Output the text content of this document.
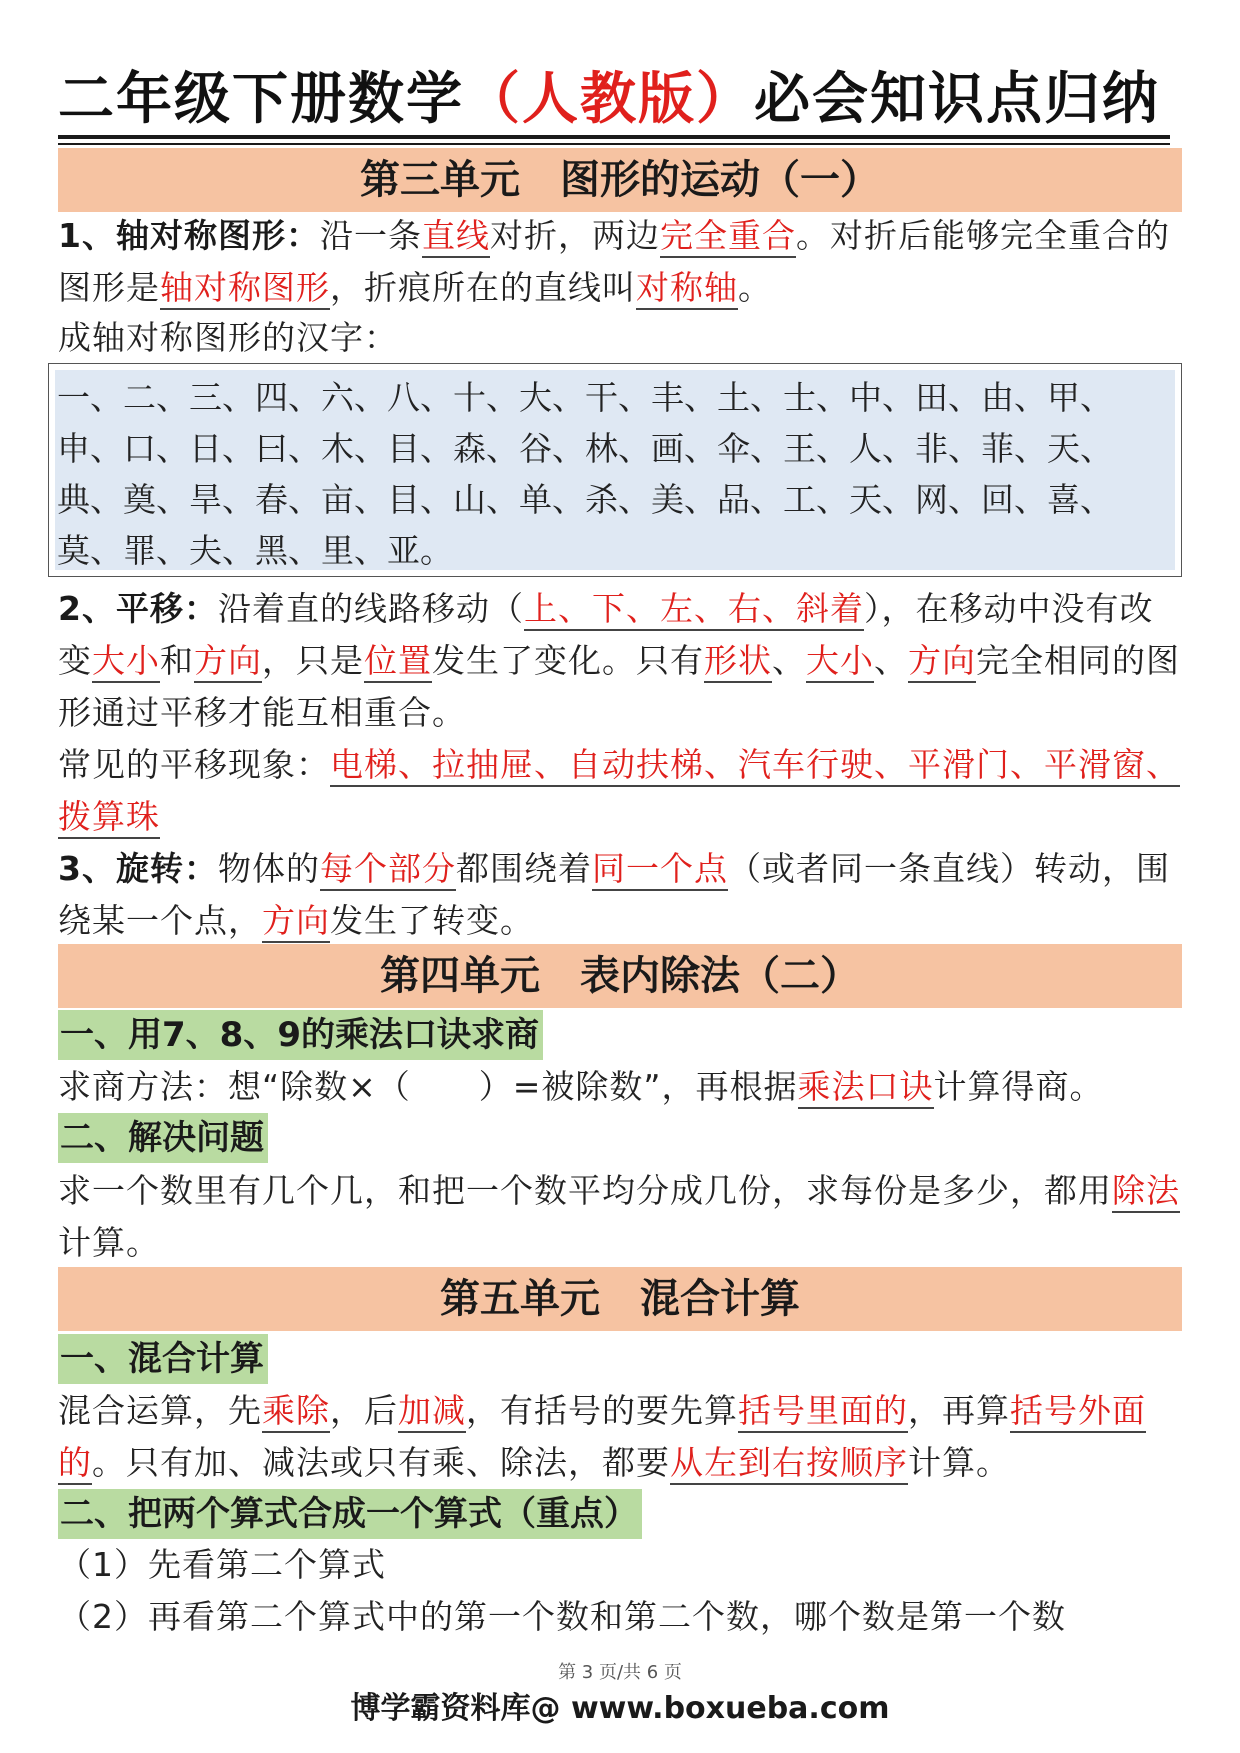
二年级下册数学（人教版）必会知识点归纳
第三单元　图形的运动（一）
1、轴对称图形：沿一条直线对折，两边完全重合。对折后能够完全重合的图形是轴对称图形，折痕所在的直线叫对称轴。
成轴对称图形的汉字：
一、二、三、四、六、八、十、大、干、丰、土、士、中、田、由、甲、申、口、日、曰、木、目、森、谷、林、画、伞、王、人、非、菲、天、典、奠、旱、春、亩、目、山、单、杀、美、品、工、天、网、回、喜、莫、罪、夫、黑、里、亚。
2、平移：沿着直的线路移动（上、下、左、右、斜着），在移动中没有改变大小和方向，只是位置发生了变化。只有形状、大小、方向完全相同的图形通过平移才能互相重合。
常见的平移现象：电梯、拉抽屉、自动扶梯、汽车行驶、平滑门、平滑窗、拨算珠
3、旋转：物体的每个部分都围绕着同一个点（或者同一条直线）转动，围绕某一个点，方向发生了转变。
第四单元　表内除法（二）
一、用7、8、9的乘法口诀求商
求商方法：想“除数×（　　）=被除数”，再根据乘法口诀计算得商。
二、解决问题
求一个数里有几个几，和把一个数平均分成几份，求每份是多少，都用除法计算。
第五单元　混合计算
一、混合计算
混合运算，先乘除，后加减，有括号的要先算括号里面的，再算括号外面的。只有加、减法或只有乘、除法，都要从左到右按顺序计算。
二、把两个算式合成一个算式（重点）
（1）先看第二个算式
（2）再看第二个算式中的第一个数和第二个数，哪个数是第一个数
第 3 页/共 6 页
博学霸资料库@ www.boxueba.com
